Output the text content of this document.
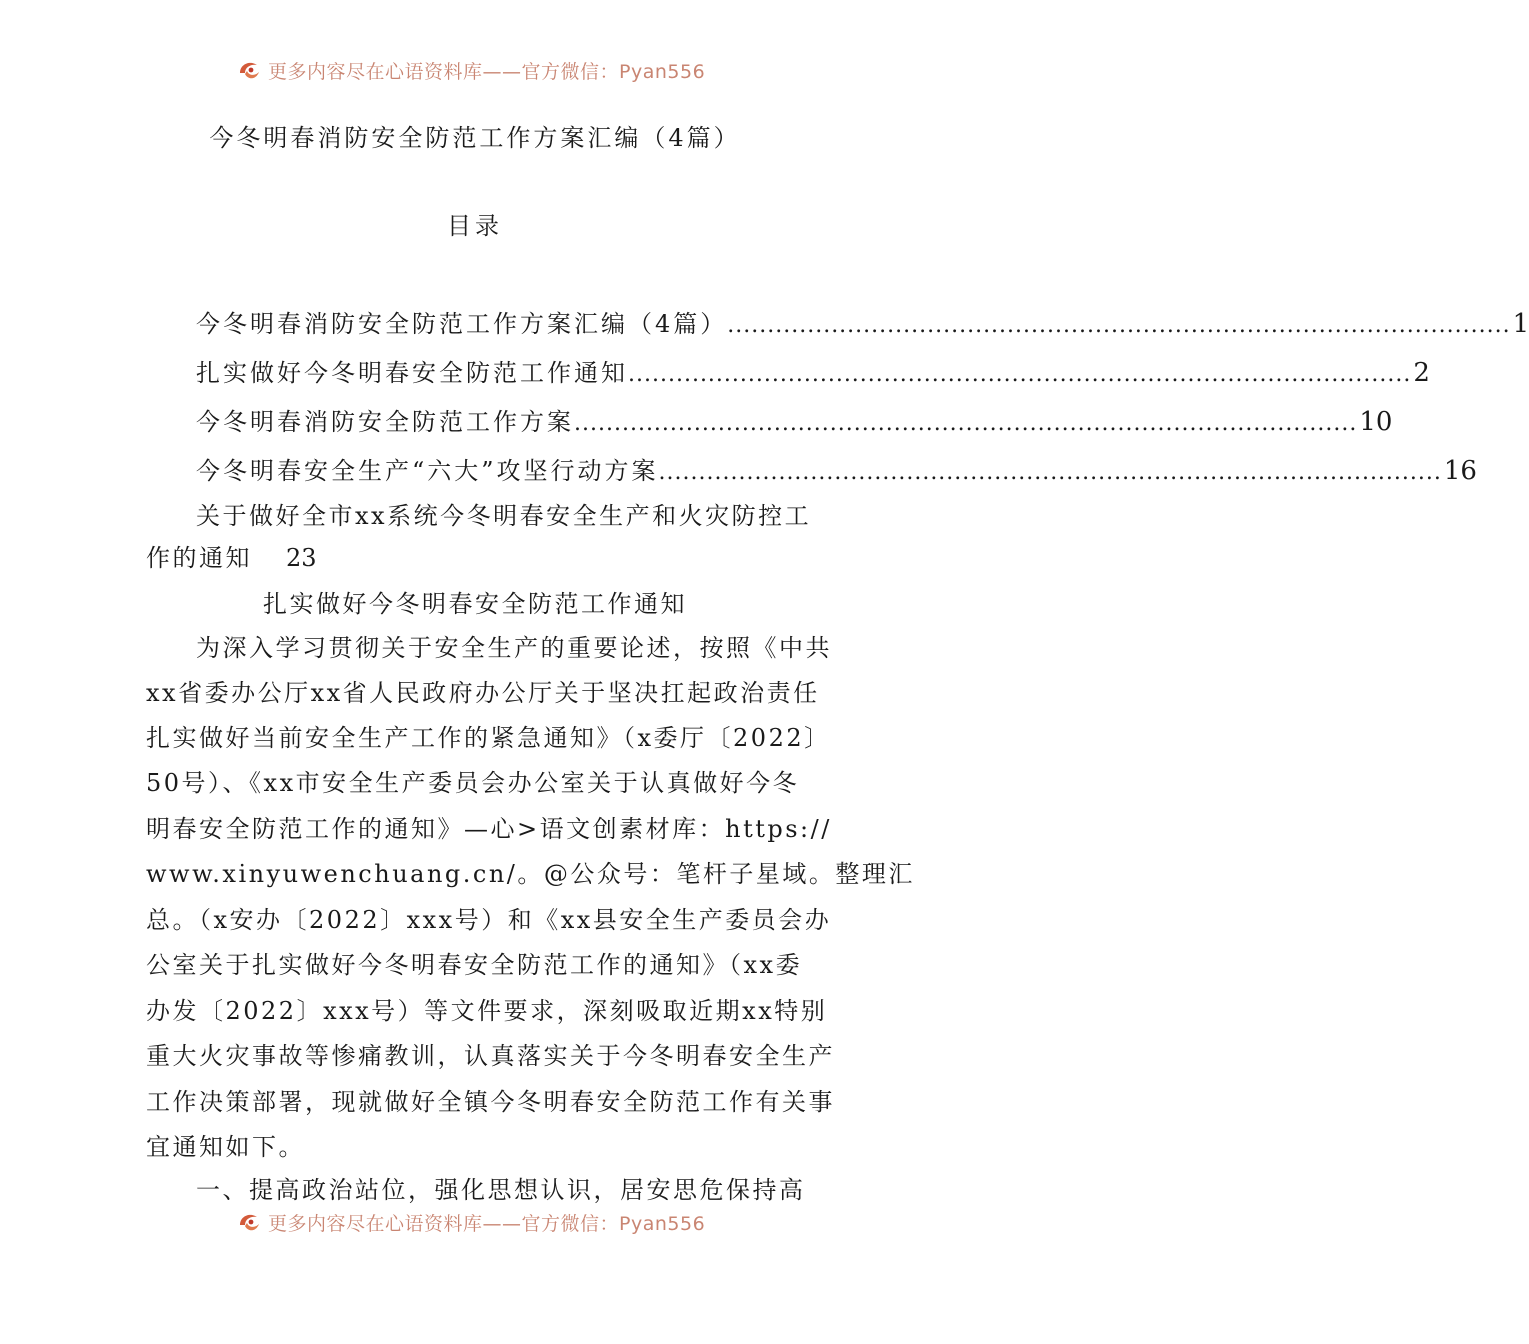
更多内容尽在心语资料库——官方微信：Pyan556
今冬明春消防安全防范工作方案汇编（4篇）
目录
今冬明春消防安全防范工作方案汇编（4篇） .....	1
扎实做好今冬明春安全防范工作通知 .....	2
今冬明春消防安全防范工作方案 .....	10
今冬明春安全生产“六大”攻坚行动方案 .....	16
关于做好全市xx系统今冬明春安全生产和火灾防控工
作的通知 23
扎实做好今冬明春安全防范工作通知
为深入学习贯彻关于安全生产的重要论述，按照《中共
xx省委办公厅xx省人民政府办公厅关于坚决扛起政治责任
扎实做好当前安全生产工作的紧急通知》（x委厅〔2022〕
50号）、《xx市安全生产委员会办公室关于认真做好今冬
明春安全防范工作的通知》—心>语文创素材库：https://
www.xinyuwenchuang.cn/。@公众号：笔杆子星域。整理汇
总。（x安办〔2022〕xxx号）和《xx县安全生产委员会办
公室关于扎实做好今冬明春安全防范工作的通知》（xx委
办发〔2022〕xxx号）等文件要求，深刻吸取近期xx特别
重大火灾事故等惨痛教训，认真落实关于今冬明春安全生产
工作决策部署，现就做好全镇今冬明春安全防范工作有关事
宜通知如下。
一、提高政治站位，强化思想认识，居安思危保持高
更多内容尽在心语资料库——官方微信：Pyan556
